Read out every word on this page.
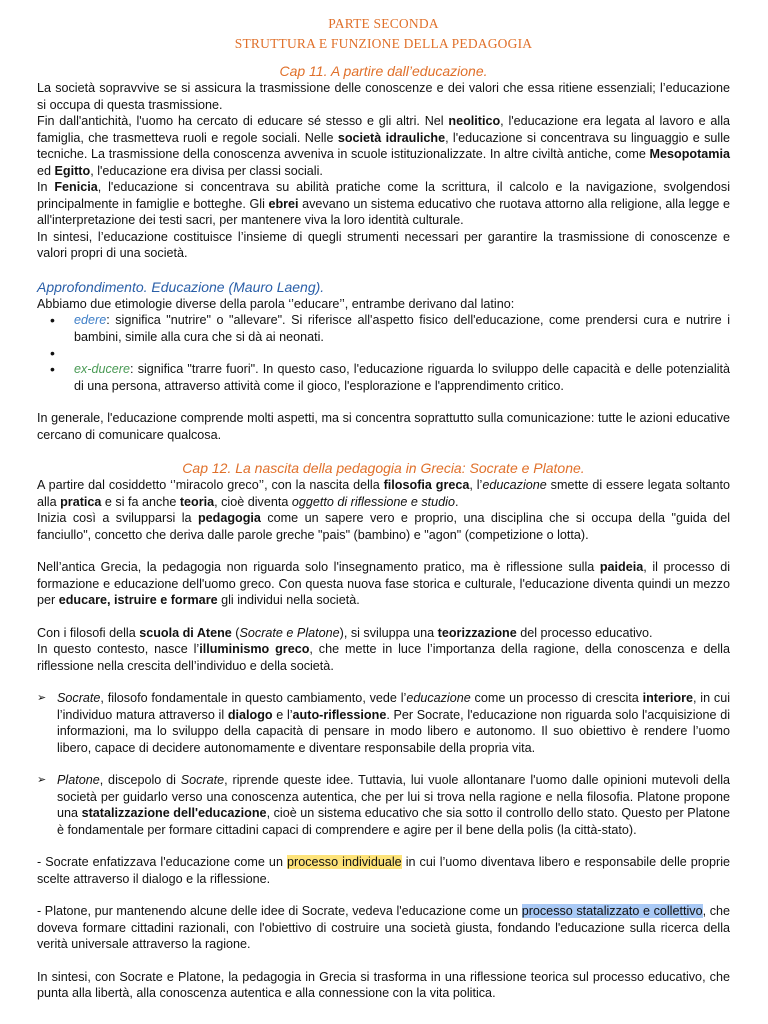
PARTE SECONDA
STRUTTURA E FUNZIONE DELLA PEDAGOGIA
Cap 11. A partire dall’educazione.

La società sopravvive se si assicura la trasmissione delle conoscenze e dei valori che essa ritiene essenziali; l’educazione si occupa di questa trasmissione.

Fin dall'antichità, l'uomo ha cercato di educare sé stesso e gli altri. Nel neolitico, l'educazione era legata al lavoro e alla famiglia, che trasmetteva ruoli e regole sociali. Nelle società idrauliche, l'educazione si concentrava su linguaggio e sulle tecniche. La trasmissione della conoscenza avveniva in scuole istituzionalizzate. In altre civiltà antiche, come Mesopotamia ed Egitto, l'educazione era divisa per classi sociali.

In Fenicia, l'educazione si concentrava su abilità pratiche come la scrittura, il calcolo e la navigazione, svolgendosi principalmente in famiglie e botteghe. Gli ebrei avevano un sistema educativo che ruotava attorno alla religione, alla legge e all'interpretazione dei testi sacri, per mantenere viva la loro identità culturale.

In sintesi, l’educazione costituisce l’insieme di quegli strumenti necessari per garantire la trasmissione di conoscenze e valori propri di una società.

Approfondimento. Educazione (Mauro Laeng).

Abbiamo due etimologie diverse della parola ‘’educare’’, entrambe derivano dal latino:

• edere: significa "nutrire" o "allevare". Si riferisce all'aspetto fisico dell'educazione, come prendersi cura e nutrire i bambini, simile alla cura che si dà ai neonati.
•
• ex-ducere: significa "trarre fuori". In questo caso, l'educazione riguarda lo sviluppo delle capacità e delle potenzialità di una persona, attraverso attività come il gioco, l'esplorazione e l'apprendimento critico.

In generale, l'educazione comprende molti aspetti, ma si concentra soprattutto sulla comunicazione: tutte le azioni educative cercano di comunicare qualcosa.

Cap 12. La nascita della pedagogia in Grecia: Socrate e Platone.

A partire dal cosiddetto ‘’miracolo greco’’, con la nascita della filosofia greca, l’educazione smette di essere legata soltanto alla pratica e si fa anche teoria, cioè diventa oggetto di riflessione e studio.

Inizia così a svilupparsi la pedagogia come un sapere vero e proprio, una disciplina che si occupa della "guida del fanciullo", concetto che deriva dalle parole greche "pais" (bambino) e "agon" (competizione o lotta).

Nell’antica Grecia, la pedagogia non riguarda solo l'insegnamento pratico, ma è riflessione sulla paideia, il processo di formazione e educazione dell'uomo greco. Con questa nuova fase storica e culturale, l'educazione diventa quindi un mezzo per educare, istruire e formare gli individui nella società.

Con i filosofi della scuola di Atene (Socrate e Platone), si sviluppa una teorizzazione del processo educativo.

In questo contesto, nasce l’illuminismo greco, che mette in luce l’importanza della ragione, della conoscenza e della riflessione nella crescita dell’individuo e della società.

➢ Socrate, filosofo fondamentale in questo cambiamento, vede l’educazione come un processo di crescita interiore, in cui l’individuo matura attraverso il dialogo e l’auto-riflessione. Per Socrate, l'educazione non riguarda solo l'acquisizione di informazioni, ma lo sviluppo della capacità di pensare in modo libero e autonomo. Il suo obiettivo è rendere l’uomo libero, capace di decidere autonomamente e diventare responsabile della propria vita.
➢ Platone, discepolo di Socrate, riprende queste idee. Tuttavia, lui vuole allontanare l'uomo dalle opinioni mutevoli della società per guidarlo verso una conoscenza autentica, che per lui si trova nella ragione e nella filosofia. Platone propone una statalizzazione dell'educazione, cioè un sistema educativo che sia sotto il controllo dello stato. Questo per Platone è fondamentale per formare cittadini capaci di comprendere e agire per il bene della polis (la città-stato).

- Socrate enfatizzava l'educazione come un processo individuale in cui l’uomo diventava libero e responsabile delle proprie scelte attraverso il dialogo e la riflessione.

- Platone, pur mantenendo alcune delle idee di Socrate, vedeva l'educazione come un processo statalizzato e collettivo, che doveva formare cittadini razionali, con l'obiettivo di costruire una società giusta, fondando l'educazione sulla ricerca della verità universale attraverso la ragione.

In sintesi, con Socrate e Platone, la pedagogia in Grecia si trasforma in una riflessione teorica sul processo educativo, che punta alla libertà, alla conoscenza autentica e alla connessione con la vita politica.
